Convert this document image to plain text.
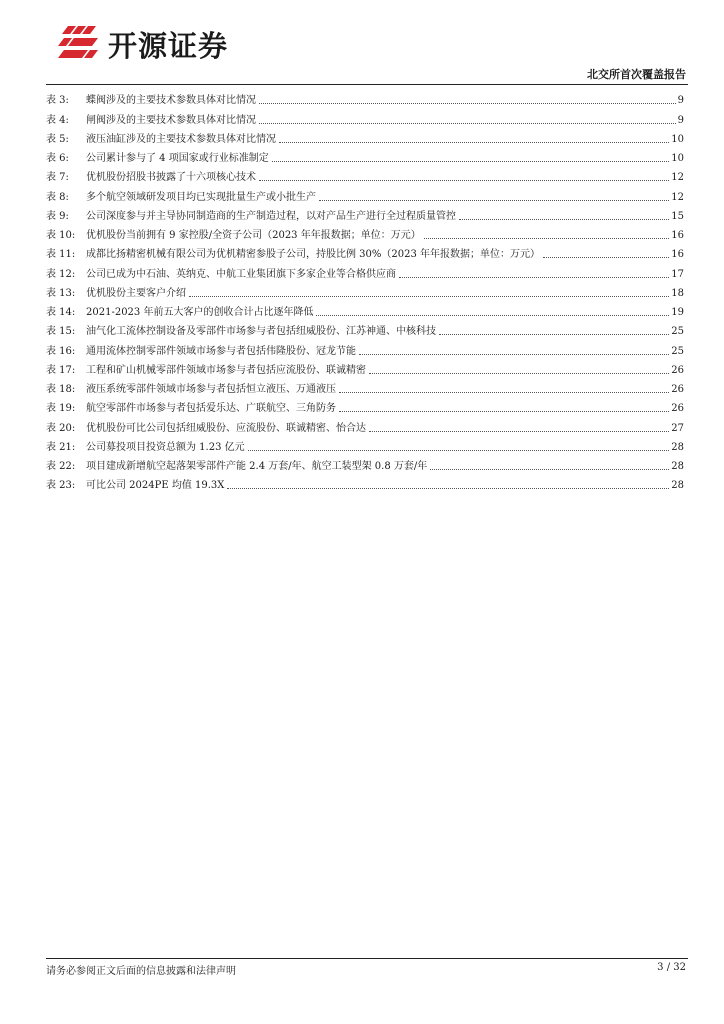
开源证券
北交所首次覆盖报告
表 3:	蝶阀涉及的主要技术参数具体对比情况	9
表 4:	闸阀涉及的主要技术参数具体对比情况	9
表 5:	液压油缸涉及的主要技术参数具体对比情况	10
表 6:	公司累计参与了 4 项国家或行业标准制定	10
表 7:	优机股份招股书披露了十六项核心技术	12
表 8:	多个航空领域研发项目均已实现批量生产或小批生产	12
表 9:	公司深度参与并主导协同制造商的生产制造过程，以对产品生产进行全过程质量管控	15
表 10:	优机股份当前拥有 9 家控股/全资子公司（2023 年年报数据；单位：万元）	16
表 11:	成都比扬精密机械有限公司为优机精密参股子公司，持股比例 30%（2023 年年报数据；单位：万元）	16
表 12:	公司已成为中石油、英纳克、中航工业集团旗下多家企业等合格供应商	17
表 13:	优机股份主要客户介绍	18
表 14:	2021-2023 年前五大客户的创收合计占比逐年降低	19
表 15:	油气化工流体控制设备及零部件市场参与者包括纽威股份、江苏神通、中核科技	25
表 16:	通用流体控制零部件领域市场参与者包括伟隆股份、冠龙节能	25
表 17:	工程和矿山机械零部件领域市场参与者包括应流股份、联诚精密	26
表 18:	液压系统零部件领域市场参与者包括恒立液压、万通液压	26
表 19:	航空零部件市场参与者包括爱乐达、广联航空、三角防务	26
表 20:	优机股份可比公司包括纽威股份、应流股份、联诚精密、怡合达	27
表 21:	公司募投项目投资总额为 1.23 亿元	28
表 22:	项目建成新增航空起落架零部件产能 2.4 万套/年、航空工装型架 0.8 万套/年	28
表 23:	可比公司 2024PE 均值 19.3X	28
请务必参阅正文后面的信息披露和法律声明	3 / 32
